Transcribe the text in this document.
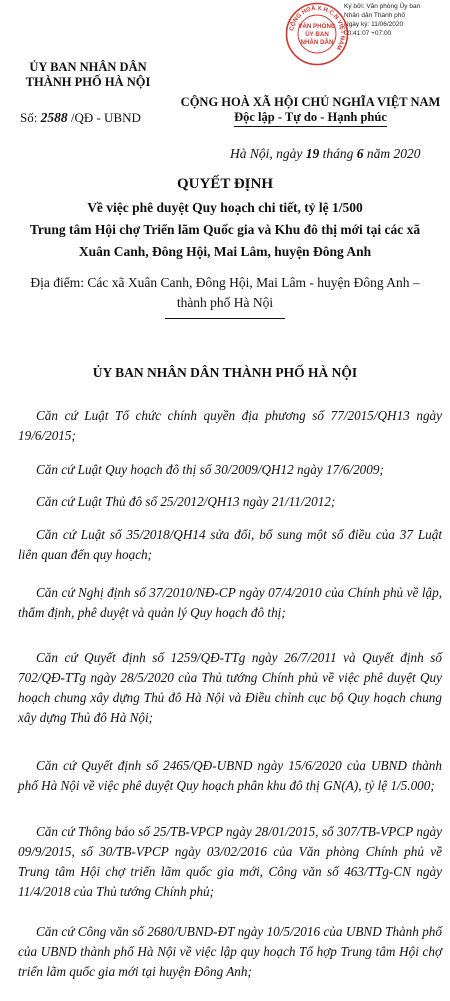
Ký bởi: Văn phòng Ủy ban
Nhân dân Thành phố
Ngày ký: 11/06/2020
00:41:07 +07:00
CỘNG HOÀ X.H.C.N VIỆT NAM
VĂN PHÒNG
ỦY BAN
NHÂN DÂN
ỦY BAN NHÂN DÂN
THÀNH PHỐ HÀ NỘI
Số: 2588 /QĐ - UBND
CỘNG HOÀ XÃ HỘI CHỦ NGHĨA VIỆT NAM
Độc lập - Tự do - Hạnh phúc
Hà Nội, ngày 19 tháng 6 năm 2020
QUYẾT ĐỊNH
Về việc phê duyệt Quy hoạch chi tiết, tỷ lệ 1/500
Trung tâm Hội chợ Triển lãm Quốc gia và Khu đô thị mới tại các xã
Xuân Canh, Đông Hội, Mai Lâm, huyện Đông Anh
Địa điểm: Các xã Xuân Canh, Đông Hội, Mai Lâm - huyện Đông Anh –
thành phố Hà Nội
ỦY BAN NHÂN DÂN THÀNH PHỐ HÀ NỘI
Căn cứ Luật Tổ chức chính quyền địa phương số 77/2015/QH13 ngày 19/6/2015;
Căn cứ Luật Quy hoạch đô thị số 30/2009/QH12 ngày 17/6/2009;
Căn cứ Luật Thủ đô số 25/2012/QH13 ngày 21/11/2012;
Căn cứ Luật số 35/2018/QH14 sửa đổi, bổ sung một số điều của 37 Luật liên quan đến quy hoạch;
Căn cứ Nghị định số 37/2010/NĐ-CP ngày 07/4/2010 của Chính phủ về lập, thẩm định, phê duyệt và quản lý Quy hoạch đô thị;
Căn cứ Quyết định số 1259/QĐ-TTg ngày 26/7/2011 và Quyết định số 702/QĐ-TTg ngày 28/5/2020 của Thủ tướng Chính phủ về việc phê duyệt Quy hoạch chung xây dựng Thủ đô Hà Nội và Điều chỉnh cục bộ Quy hoạch chung xây dựng Thủ đô Hà Nội;
Căn cứ Quyết định số 2465/QĐ-UBND ngày 15/6/2020 của UBND thành phố Hà Nội về việc phê duyệt Quy hoạch phân khu đô thị GN(A), tỷ lệ 1/5.000;
Căn cứ Thông báo số 25/TB-VPCP ngày 28/01/2015, số 307/TB-VPCP ngày 09/9/2015, số 30/TB-VPCP ngày 03/02/2016 của Văn phòng Chính phủ về Trung tâm Hội chợ triển lãm quốc gia mới, Công văn số 463/TTg-CN ngày 11/4/2018 của Thủ tướng Chính phủ;
Căn cứ Công văn số 2680/UBND-ĐT ngày 10/5/2016 của UBND Thành phố của UBND thành phố Hà Nội về việc lập quy hoạch Tổ hợp Trung tâm Hội chợ triển lãm quốc gia mới tại huyện Đông Anh;
